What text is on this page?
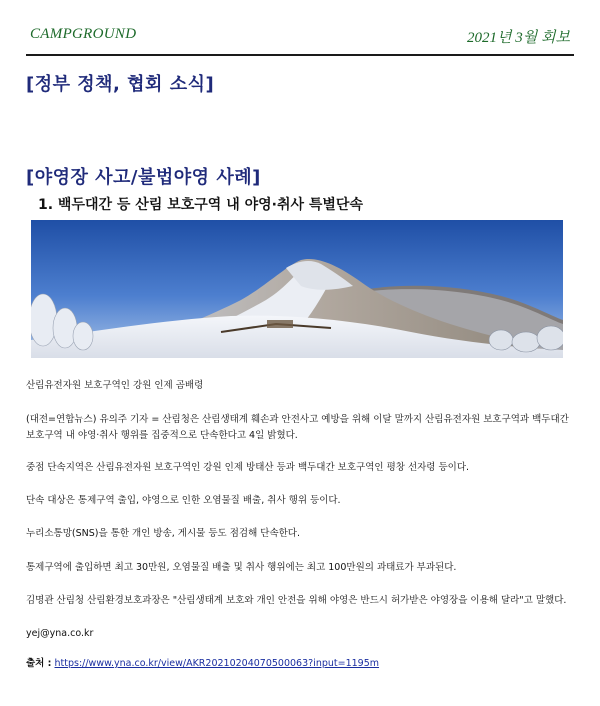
CAMPGROUND	2021년 3월 회보
[정부 정책, 협회 소식]
[야영장 사고/불법야영 사례]
1. 백두대간 등 산림 보호구역 내 야영·취사 특별단속
산림유전자원 보호구역인 강원 인제 곰배령
(대전=연합뉴스) 유의주 기자 = 산림청은 산림생태계 훼손과 안전사고 예방을 위해 이달 말까지 산림유전자원 보호구역과 백두대간 보호구역 내 야영·취사 행위를 집중적으로 단속한다고 4일 밝혔다.
중점 단속지역은 산림유전자원 보호구역인 강원 인제 방태산 등과 백두대간 보호구역인 평창 선자령 등이다.
단속 대상은 통제구역 출입, 야영으로 인한 오염물질 배출, 취사 행위 등이다.
누리소통망(SNS)을 통한 개인 방송, 게시물 등도 점검해 단속한다.
통제구역에 출입하면 최고 30만원, 오염물질 배출 및 취사 행위에는 최고 100만원의 과태료가 부과된다.
김명관 산림청 산림환경보호과장은 "산림생태계 보호와 개인 안전을 위해 야영은 반드시 허가받은 야영장을 이용해 달라"고 말했다.
yej@yna.co.kr
출처 : https://www.yna.co.kr/view/AKR20210204070500063?input=1195m
